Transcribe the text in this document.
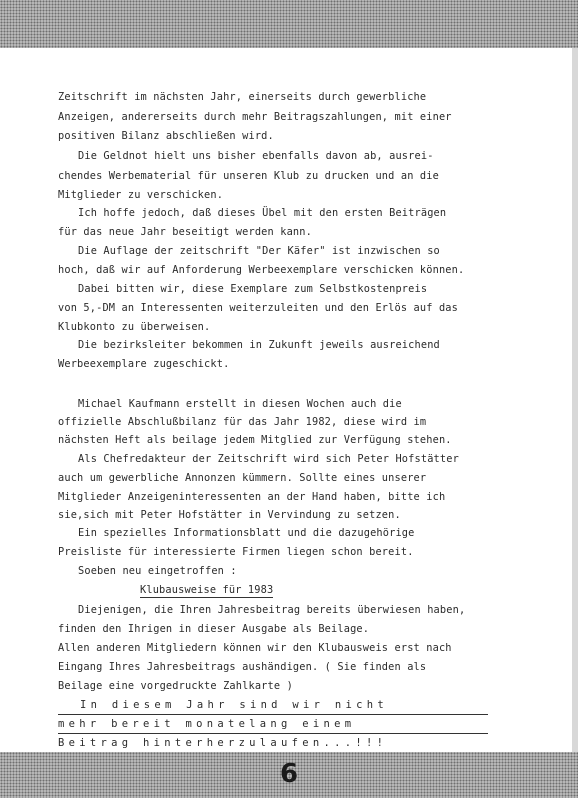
Zeitschrift im nächsten Jahr, einerseits durch gewerbliche
Anzeigen, andererseits durch mehr Beitragszahlungen, mit einer
positiven Bilanz abschließen wird.
Die Geldnot hielt uns bisher ebenfalls davon ab, ausrei-
chendes Werbematerial für unseren Klub zu drucken und an die
Mitglieder zu verschicken.
Ich hoffe jedoch, daß dieses Übel mit den ersten Beiträgen
für das neue Jahr beseitigt werden kann.
Die Auflage der zeitschrift "Der Käfer" ist inzwischen so
hoch, daß wir auf Anforderung Werbeexemplare verschicken können.
Dabei bitten wir, diese Exemplare zum Selbstkostenpreis
von 5,-DM an Interessenten weiterzuleiten und den Erlös auf das
Klubkonto zu überweisen.
Die bezirksleiter bekommen in Zukunft jeweils ausreichend
Werbeexemplare zugeschickt.
Michael Kaufmann erstellt in diesen Wochen auch die
offizielle Abschlußbilanz für das Jahr 1982, diese wird im
nächsten Heft als beilage jedem Mitglied zur Verfügung stehen.
Als Chefredakteur der Zeitschrift wird sich Peter Hofstätter
auch um gewerbliche Annonzen kümmern. Sollte eines unserer
Mitglieder Anzeigeninteressenten an der Hand haben, bitte ich
sie,sich mit Peter Hofstätter in Vervindung zu setzen.
Ein spezielles Informationsblatt und die dazugehörige
Preisliste für interessierte Firmen liegen schon bereit.
Soeben neu eingetroffen :
Klubausweise für 1983
Diejenigen, die Ihren Jahresbeitrag bereits überwiesen haben,
finden den Ihrigen in dieser Ausgabe als Beilage.
Allen anderen Mitgliedern können wir den Klubausweis erst nach
Eingang Ihres Jahresbeitrags aushändigen. ( Sie finden als
Beilage eine vorgedruckte Zahlkarte )
In diesem Jahr sind wir nicht
mehr bereit monatelang einem
Beitrag hinterherzulaufen...!!!
6
